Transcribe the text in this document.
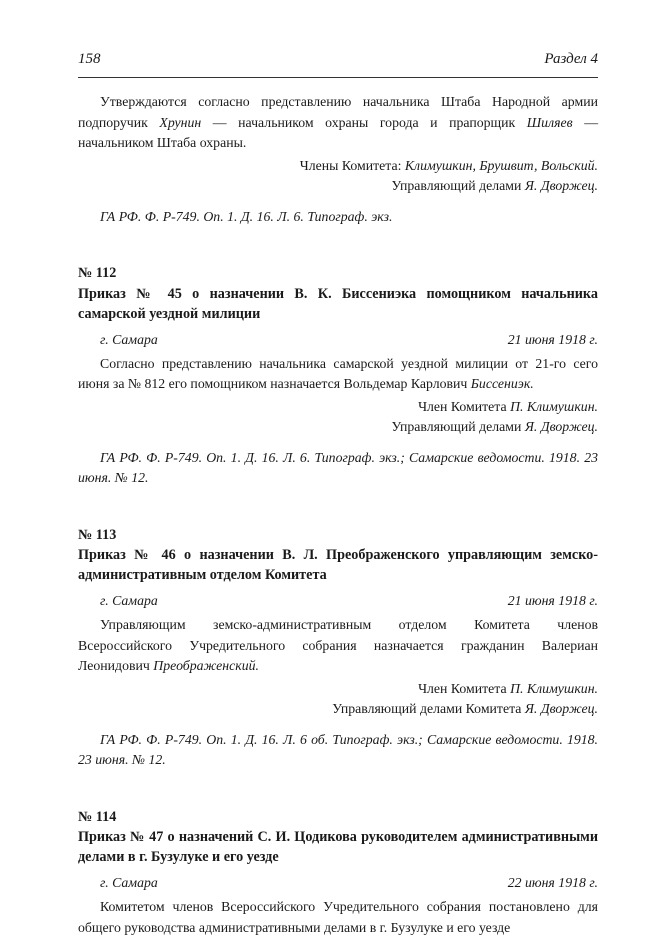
158	Раздел 4

Утверждаются согласно представлению начальника Штаба Народной армии подпоручик Хрунин — начальником охраны города и прапорщик Шиляев — начальником Штаба охраны.

Члены Комитета: Климушкин, Брушвит, Вольский.

Управляющий делами Я. Дворжец.

ГА РФ. Ф. Р-749. Оп. 1. Д. 16. Л. 6. Типограф. экз.

№ 112

Приказ № 45 о назначении В. К. Биссениэка помощником начальника самарской уездной милиции

г. Самара	21 июня 1918 г.

Согласно представлению начальника самарской уездной милиции от 21-го сего июня за № 812 его помощником назначается Вольдемар Карлович Биссениэк.

Член Комитета П. Климушкин.

Управляющий делами Я. Дворжец.

ГА РФ. Ф. Р-749. Оп. 1. Д. 16. Л. 6. Типограф. экз.; Самарские ведомости. 1918. 23 июня. № 12.

№ 113

Приказ № 46 о назначении В. Л. Преображенского управляющим земско-административным отделом Комитета

г. Самара	21 июня 1918 г.

Управляющим земско-административным отделом Комитета членов Всероссийского Учредительного собрания назначается гражданин Валериан Леонидович Преображенский.

Член Комитета П. Климушкин.

Управляющий делами Комитета Я. Дворжец.

ГА РФ. Ф. Р-749. Оп. 1. Д. 16. Л. 6 об. Типограф. экз.; Самарские ведомости. 1918. 23 июня. № 12.

№ 114

Приказ № 47 о назначений С. И. Цодикова руководителем административными делами в г. Бузулуке и его уезде

г. Самара	22 июня 1918 г.

Комитетом членов Всероссийского Учредительного собрания постановлено для общего руководства административными делами в г. Бузулуке и его уезде
